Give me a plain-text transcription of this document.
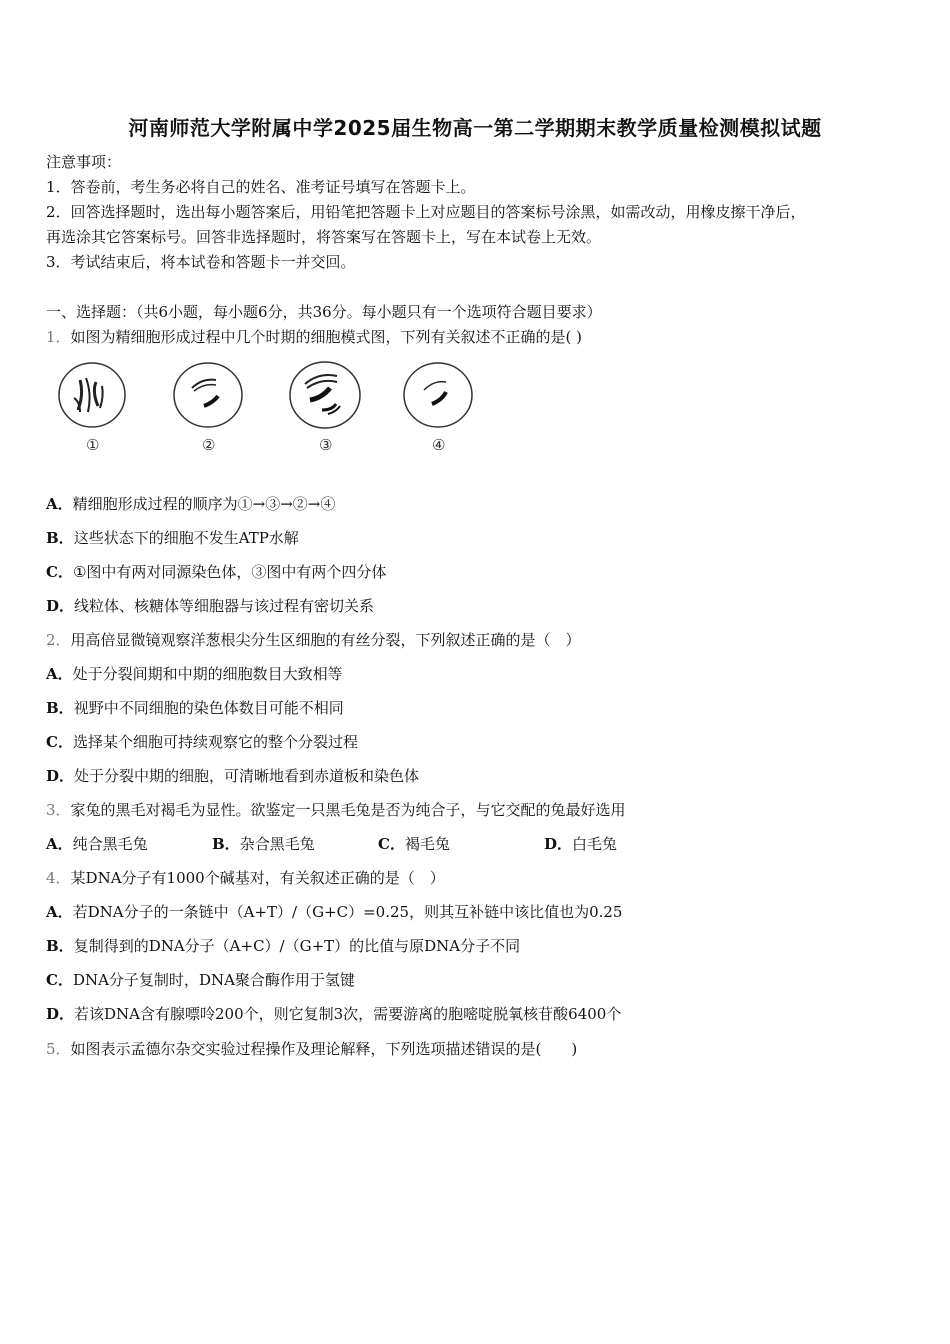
河南师范大学附属中学2025届生物高一第二学期期末教学质量检测模拟试题
注意事项：
1．答卷前，考生务必将自己的姓名、准考证号填写在答题卡上。
2．回答选择题时，选出每小题答案后，用铅笔把答题卡上对应题目的答案标号涂黑，如需改动，用橡皮擦干净后，
再选涂其它答案标号。回答非选择题时，将答案写在答题卡上，写在本试卷上无效。
3．考试结束后，将本试卷和答题卡一并交回。
一、选择题：（共6小题，每小题6分，共36分。每小题只有一个选项符合题目要求）
1．如图为精细胞形成过程中几个时期的细胞模式图，下列有关叙述不正确的是( )
①	②	③	④
A．精细胞形成过程的顺序为①→③→②→④
B．这些状态下的细胞不发生ATP水解
C．①图中有两对同源染色体，③图中有两个四分体
D．线粒体、核糖体等细胞器与该过程有密切关系
2．用高倍显微镜观察洋葱根尖分生区细胞的有丝分裂，下列叙述正确的是（　）
A．处于分裂间期和中期的细胞数目大致相等
B．视野中不同细胞的染色体数目可能不相同
C．选择某个细胞可持续观察它的整个分裂过程
D．处于分裂中期的细胞，可清晰地看到赤道板和染色体
3．家兔的黑毛对褐毛为显性。欲鉴定一只黑毛兔是否为纯合子，与它交配的兔最好选用
A．纯合黑毛兔	B．杂合黑毛兔	C．褐毛兔	D．白毛兔
4．某DNA分子有1000个碱基对，有关叙述正确的是（　）
A．若DNA分子的一条链中（A+T）/（G+C）=0.25，则其互补链中该比值也为0.25
B．复制得到的DNA分子（A+C）/（G+T）的比值与原DNA分子不同
C．DNA分子复制时，DNA聚合酶作用于氢键
D．若该DNA含有腺嘌呤200个，则它复制3次，需要游离的胞嘧啶脱氧核苷酸6400个
5．如图表示孟德尔杂交实验过程操作及理论解释，下列选项描述错误的是(　　)
